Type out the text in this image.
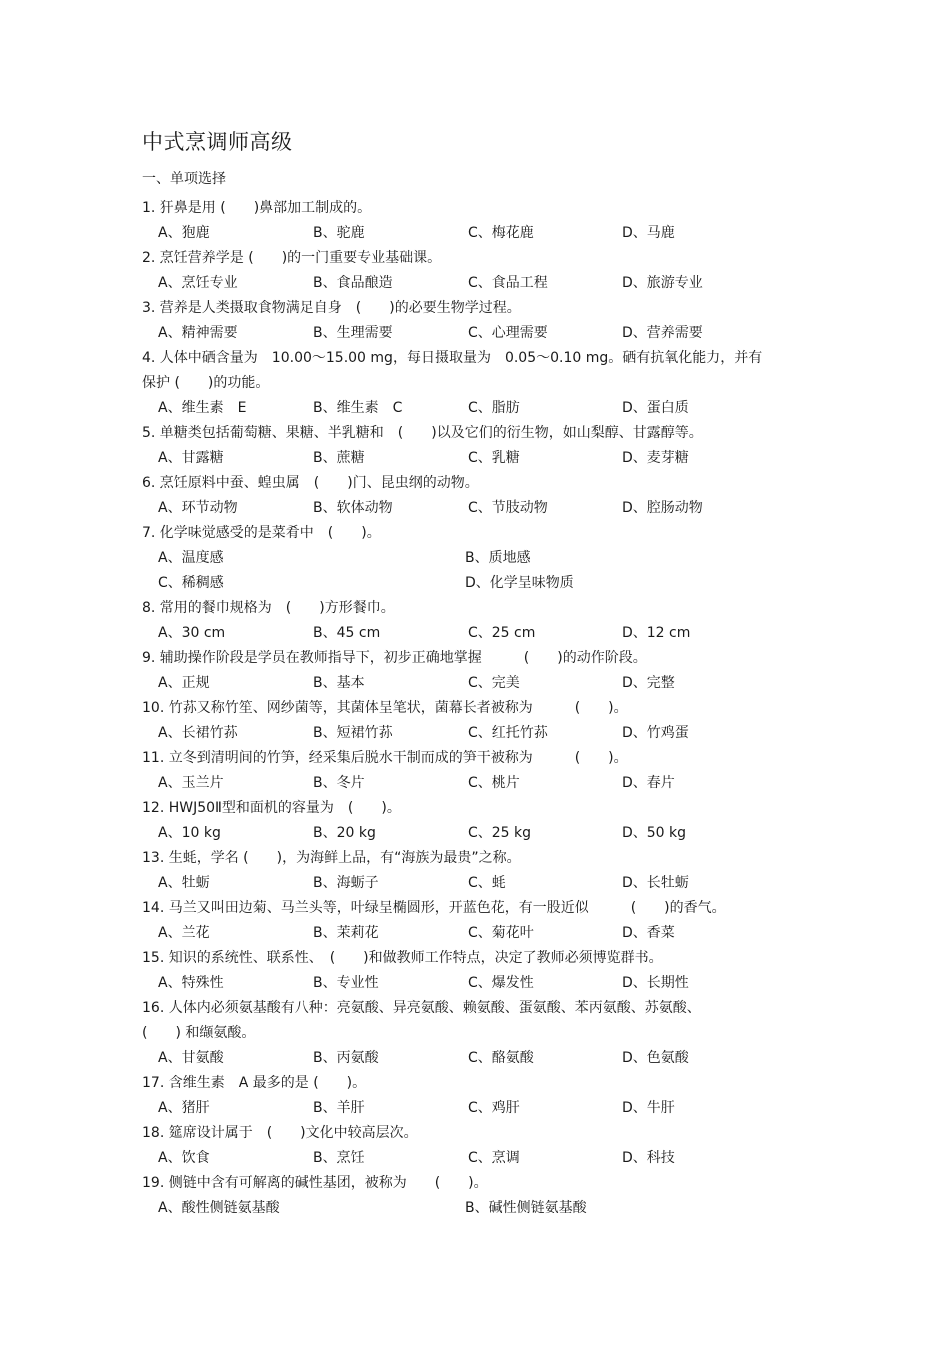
中式烹调师高级
一、单项选择
1. 犴鼻是用 (　　)鼻部加工制成的。
A、狍鹿	B、驼鹿	C、梅花鹿	D、马鹿
2. 烹饪营养学是 (　　)的一门重要专业基础课。
A、烹饪专业	B、食品酿造	C、食品工程	D、旅游专业
3. 营养是人类摄取食物满足自身　(　　)的必要生物学过程。
A、精神需要	B、生理需要	C、心理需要	D、营养需要
4. 人体中硒含量为　10.00～15.00 mg，每日摄取量为　0.05～0.10 mg。硒有抗氧化能力，并有
保护 (　　)的功能。
A、维生素　E	B、维生素　C	C、脂肪	D、蛋白质
5. 单糖类包括葡萄糖、果糖、半乳糖和　(　　)以及它们的衍生物，如山梨醇、甘露醇等。
A、甘露糖	B、蔗糖	C、乳糖	D、麦芽糖
6. 烹饪原料中蚕、蝗虫属　(　　)门、昆虫纲的动物。
A、环节动物	B、软体动物	C、节肢动物	D、腔肠动物
7. 化学味觉感受的是菜肴中　(　　)。
A、温度感	B、质地感
C、稀稠感	D、化学呈味物质
8. 常用的餐巾规格为　(　　)方形餐巾。
A、30 cm	B、45 cm	C、25 cm	D、12 cm
9. 辅助操作阶段是学员在教师指导下，初步正确地掌握　　　(　　)的动作阶段。
A、正规	B、基本	C、完美	D、完整
10. 竹荪又称竹笙、网纱菌等，其菌体呈笔状，菌幕长者被称为　　　(　　)。
A、长裙竹荪	B、短裙竹荪	C、红托竹荪	D、竹鸡蛋
11. 立冬到清明间的竹笋，经采集后脱水干制而成的笋干被称为　　　(　　)。
A、玉兰片	B、冬片	C、桃片	D、春片
12. HWJ50Ⅱ型和面机的容量为　(　　)。
A、10 kg	B、20 kg	C、25 kg	D、50 kg
13. 生蚝，学名 (　　)，为海鲜上品，有“海族为最贵”之称。
A、牡蛎	B、海蛎子	C、蚝	D、长牡蛎
14. 马兰又叫田边菊、马兰头等，叶绿呈椭圆形，开蓝色花，有一股近似　　　(　　)的香气。
A、兰花	B、茉莉花	C、菊花叶	D、香菜
15. 知识的系统性、联系性、　(　　)和做教师工作特点，决定了教师必须博览群书。
A、特殊性	B、专业性	C、爆发性	D、长期性
16. 人体内必须氨基酸有八种：亮氨酸、异亮氨酸、赖氨酸、蛋氨酸、苯丙氨酸、苏氨酸、
(　　) 和缬氨酸。
A、甘氨酸	B、丙氨酸	C、酪氨酸	D、色氨酸
17. 含维生素　A 最多的是 (　　)。
A、猪肝	B、羊肝	C、鸡肝	D、牛肝
18. 筵席设计属于　(　　)文化中较高层次。
A、饮食	B、烹饪	C、烹调	D、科技
19. 侧链中含有可解离的碱性基团，被称为　　(　　)。
A、酸性侧链氨基酸	B、碱性侧链氨基酸
